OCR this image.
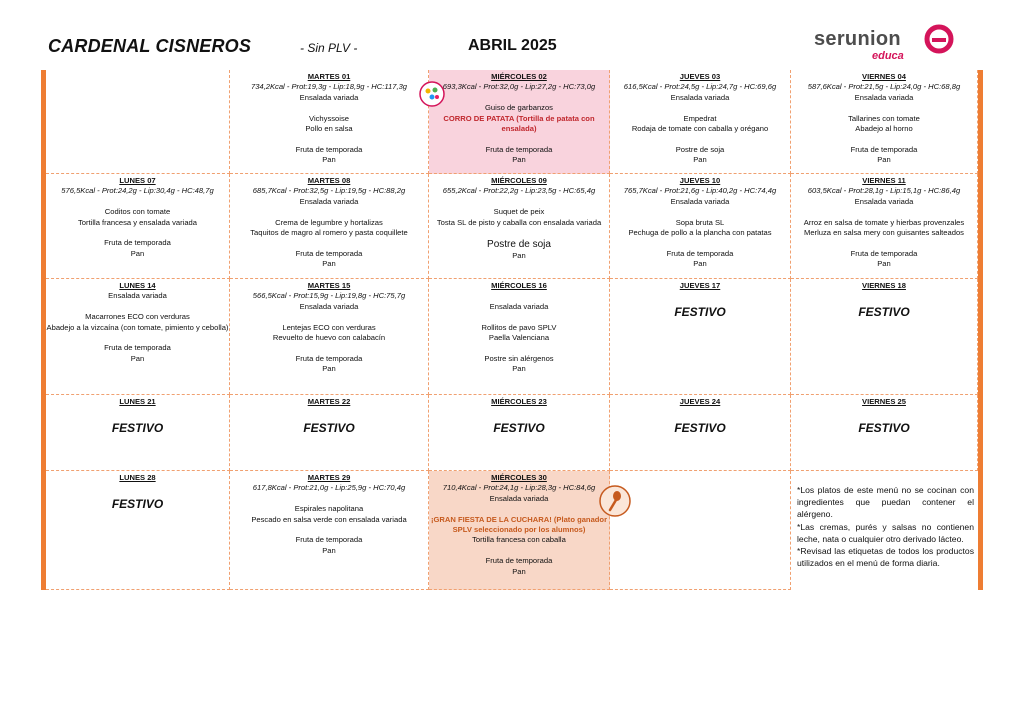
CARDENAL CISNEROS	- Sin PLV -	ABRIL 2025	serunion
educa
MARTES 01
734,2Kcal - Prot:19,3g - Lip:18,9g - HC:117,3g
Ensalada variada
Vichyssoise
Pollo en salsa
Fruta de temporada
Pan
MIÉRCOLES 02
693,3Kcal - Prot:32,0g - Lip:27,2g - HC:73,0g
Guiso de garbanzos
CORRO DE PATATA (Tortilla de patata con ensalada)
Fruta de temporada
Pan
JUEVES 03
616,5Kcal - Prot:24,5g - Lip:24,7g - HC:69,6g
Ensalada variada
Empedrat
Rodaja de tomate con caballa y orégano
Postre de soja
Pan
VIERNES 04
587,6Kcal - Prot:21,5g - Lip:24,0g - HC:68,8g
Ensalada variada
Tallarines con tomate
Abadejo al horno
Fruta de temporada
Pan
LUNES 07
576,5Kcal - Prot:24,2g - Lip:30,4g - HC:48,7g
Coditos con tomate
Tortilla francesa y ensalada variada
Fruta de temporada
Pan
MARTES 08
685,7Kcal - Prot:32,5g - Lip:19,5g - HC:88,2g
Ensalada variada
Crema de legumbre y hortalizas
Taquitos de magro al romero y pasta coquillete
Fruta de temporada
Pan
MIÉRCOLES 09
655,2Kcal - Prot:22,2g - Lip:23,5g - HC:65,4g
Suquet de peix
Tosta SL de pisto y caballa con ensalada variada
Postre de soja
Pan
JUEVES 10
765,7Kcal - Prot:21,6g - Lip:40,2g - HC:74,4g
Ensalada variada
Sopa bruta SL
Pechuga de pollo a la plancha con patatas
Fruta de temporada
Pan
VIERNES 11
603,5Kcal - Prot:28,1g - Lip:15,1g - HC:86,4g
Ensalada variada
Arroz en salsa de tomate y hierbas provenzales
Merluza en salsa mery con guisantes salteados
Fruta de temporada
Pan
LUNES 14
Ensalada variada
Macarrones ECO con verduras
Abadejo a la vizcaína (con tomate, pimiento y cebolla)
Fruta de temporada
Pan
MARTES 15
566,5Kcal - Prot:15,9g - Lip:19,8g - HC:75,7g
Ensalada variada
Lentejas ECO con verduras
Revuelto de huevo con calabacín
Fruta de temporada
Pan
MIÉRCOLES 16
Ensalada variada
Rollitos de pavo SPLV
Paella Valenciana
Postre sin alérgenos
Pan
JUEVES 17
FESTIVO
VIERNES 18
FESTIVO
LUNES 21
FESTIVO
MARTES 22
FESTIVO
MIÉRCOLES 23
FESTIVO
JUEVES 24
FESTIVO
VIERNES 25
FESTIVO
LUNES 28
FESTIVO
MARTES 29
617,8Kcal - Prot:21,0g - Lip:25,9g - HC:70,4g
Espirales napolitana
Pescado en salsa verde con ensalada variada
Fruta de temporada
Pan
MIÉRCOLES 30
710,4Kcal - Prot:24,1g - Lip:28,3g - HC:84,6g
Ensalada variada
¡GRAN FIESTA DE LA CUCHARA! (Plato ganador SPLV seleccionado por los alumnos)
Tortilla francesa con caballa
Fruta de temporada
Pan
*Los platos de este menú no se cocinan con ingredientes que puedan contener el alérgeno.
*Las cremas, purés y salsas no contienen leche, nata o cualquier otro derivado lácteo.
*Revisad las etiquetas de todos los productos utilizados en el menú de forma diaria.
